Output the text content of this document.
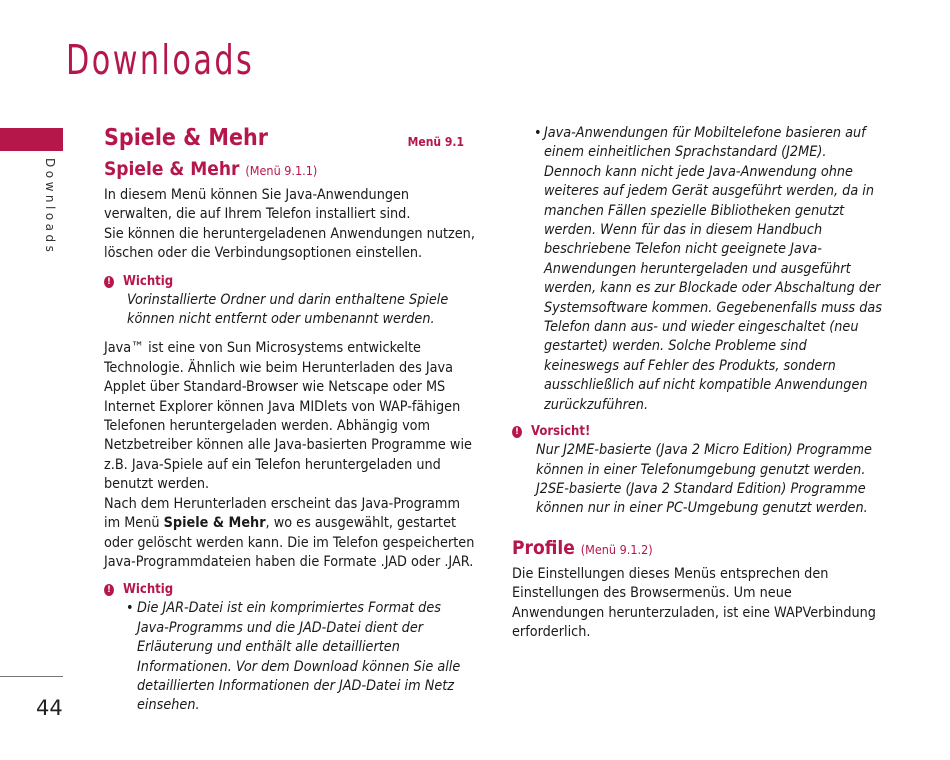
Downloads
Downloads
44
Spiele & Mehr	Menü 9.1
Spiele & Mehr (Menü 9.1.1)

In diesem Menü können Sie Java-Anwendungen verwalten, die auf Ihrem Telefon installiert sind.

Sie können die heruntergeladenen Anwendungen nutzen, löschen oder die Verbindungsoptionen einstellen.

! Wichtig
Vorinstallierte Ordner und darin enthaltene Spiele können nicht entfernt oder umbenannt werden.

Java™ ist eine von Sun Microsystems entwickelte Technologie. Ähnlich wie beim Herunterladen des Java Applet über Standard-Browser wie Netscape oder MS Internet Explorer können Java MIDlets von WAP-fähigen Telefonen heruntergeladen werden. Abhängig vom Netzbetreiber können alle Java-basierten Programme wie z.B. Java-Spiele auf ein Telefon heruntergeladen und benutzt werden.

Nach dem Herunterladen erscheint das Java-Programm im Menü Spiele & Mehr, wo es ausgewählt, gestartet oder gelöscht werden kann. Die im Telefon gespeicherten Java-Programmdateien haben die Formate .JAD oder .JAR.

! Wichtig
• Die JAR-Datei ist ein komprimiertes Format des Java-Programms und die JAD-Datei dient der Erläuterung und enthält alle detaillierten Informationen. Vor dem Download können Sie alle detaillierten Informationen der JAD-Datei im Netz einsehen.
• Java-Anwendungen für Mobiltelefone basieren auf einem einheitlichen Sprachstandard (J2ME). Dennoch kann nicht jede Java-Anwendung ohne weiteres auf jedem Gerät ausgeführt werden, da in manchen Fällen spezielle Bibliotheken genutzt werden. Wenn für das in diesem Handbuch beschriebene Telefon nicht geeignete Java-Anwendungen heruntergeladen und ausgeführt werden, kann es zur Blockade oder Abschaltung der Systemsoftware kommen. Gegebenenfalls muss das Telefon dann aus- und wieder eingeschaltet (neu gestartet) werden. Solche Probleme sind keineswegs auf Fehler des Produkts, sondern ausschließlich auf nicht kompatible Anwendungen zurückzuführen.
! Vorsicht!
Nur J2ME-basierte (Java 2 Micro Edition) Programme können in einer Telefonumgebung genutzt werden. J2SE-basierte (Java 2 Standard Edition) Programme können nur in einer PC-Umgebung genutzt werden.
Profile (Menü 9.1.2)

Die Einstellungen dieses Menüs entsprechen den Einstellungen des Browsermenüs. Um neue Anwendungen herunterzuladen, ist eine WAPVerbindung erforderlich.
